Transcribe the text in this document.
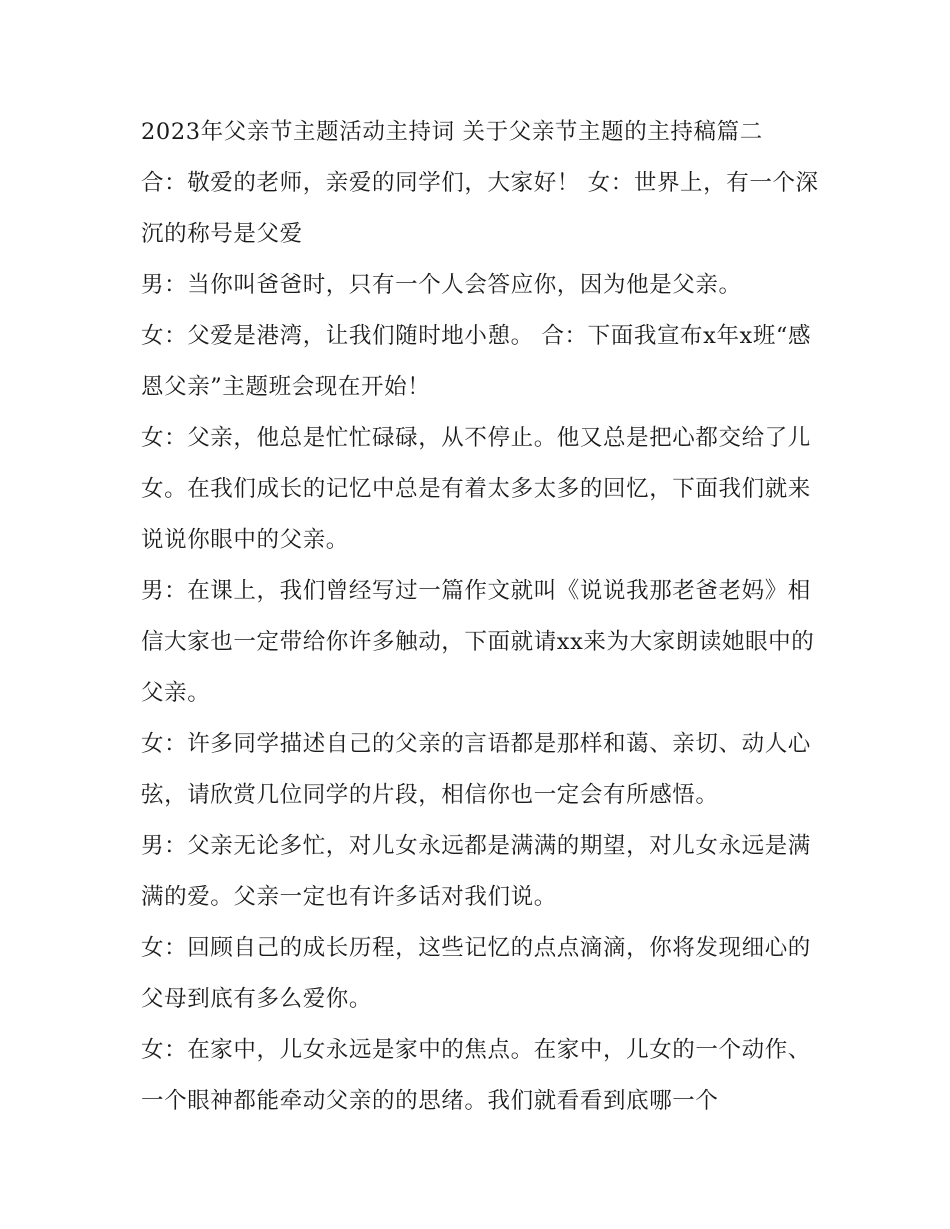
2023年父亲节主题活动主持词 关于父亲节主题的主持稿篇二

合：敬爱的老师，亲爱的同学们，大家好！ 女：世界上，有一个深沉的称号是父爱

男：当你叫爸爸时，只有一个人会答应你，因为他是父亲。

女：父爱是港湾，让我们随时地小憩。 合：下面我宣布x年x班“感恩父亲”主题班会现在开始！

女：父亲，他总是忙忙碌碌，从不停止。他又总是把心都交给了儿女。在我们成长的记忆中总是有着太多太多的回忆，下面我们就来说说你眼中的父亲。

男：在课上，我们曾经写过一篇作文就叫《说说我那老爸老妈》相信大家也一定带给你许多触动，下面就请xx来为大家朗读她眼中的父亲。

女：许多同学描述自己的父亲的言语都是那样和蔼、亲切、动人心弦，请欣赏几位同学的片段，相信你也一定会有所感悟。

男：父亲无论多忙，对儿女永远都是满满的期望，对儿女永远是满满的爱。父亲一定也有许多话对我们说。

女：回顾自己的成长历程，这些记忆的点点滴滴，你将发现细心的父母到底有多么爱你。

女：在家中，儿女永远是家中的焦点。在家中，儿女的一个动作、一个眼神都能牵动父亲的的思绪。我们就看看到底哪一个
